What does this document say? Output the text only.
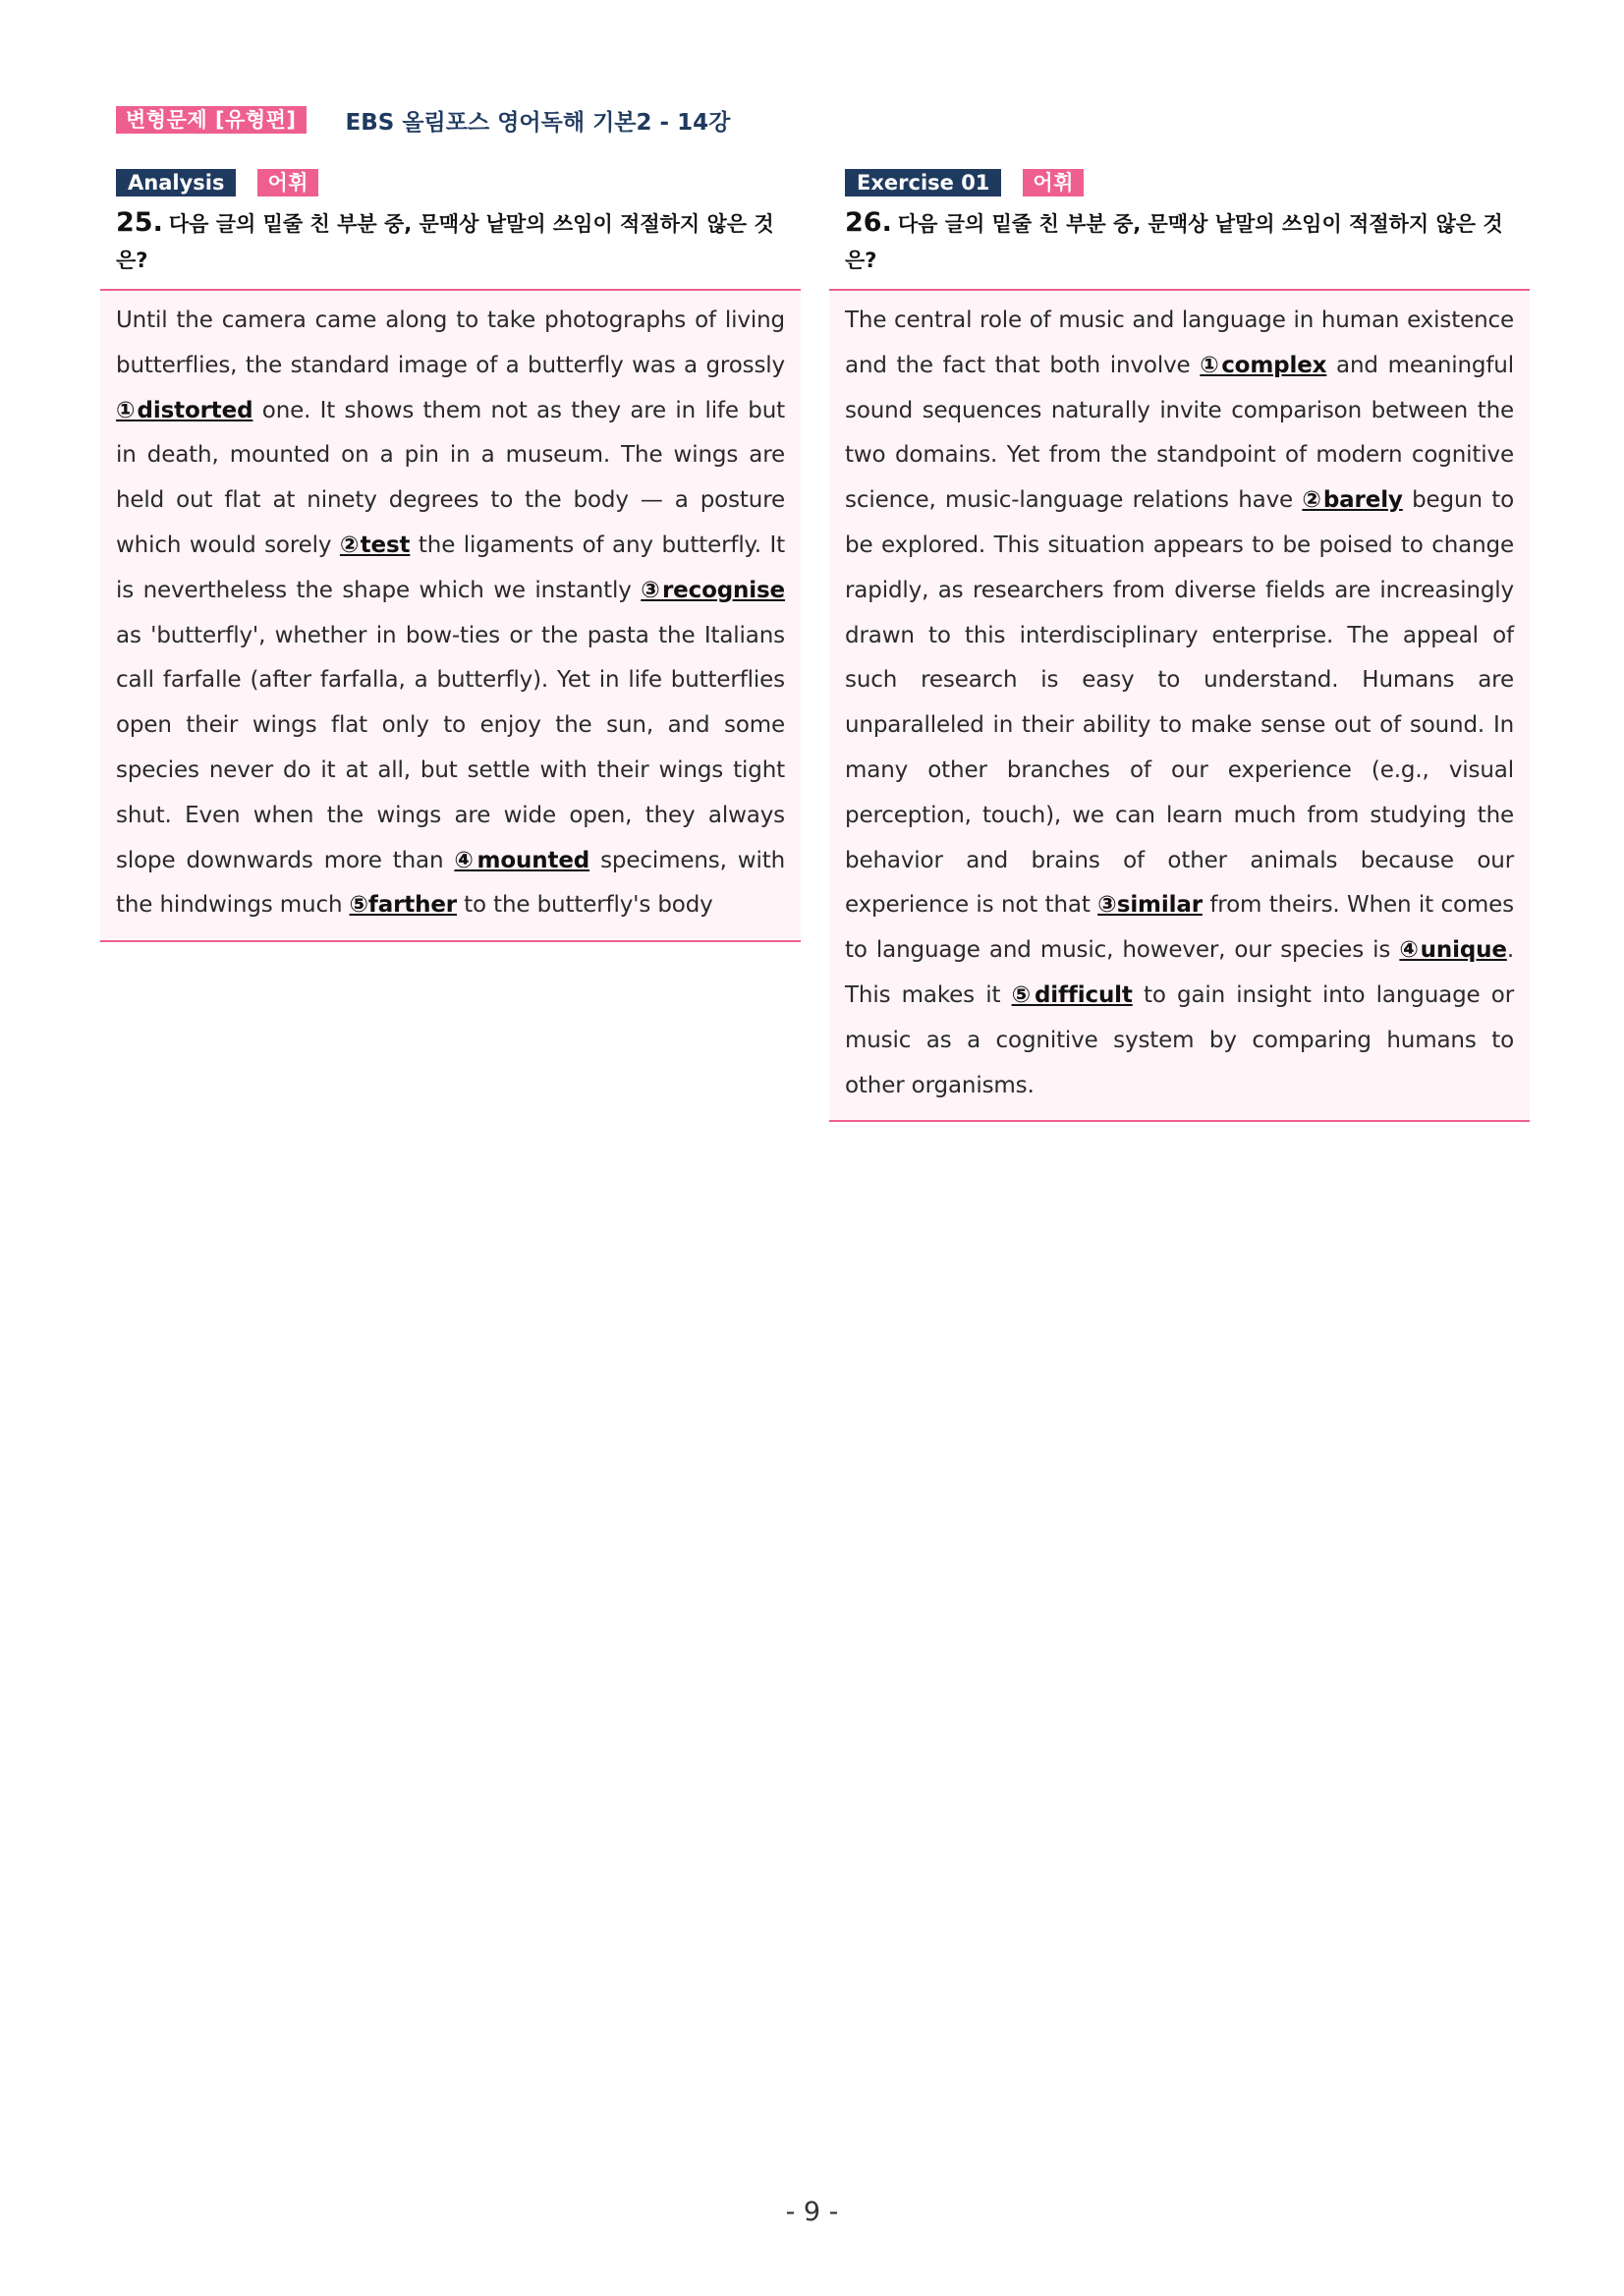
변형문제 [유형편]	EBS 올림포스 영어독해 기본2 - 14강
Analysis	어휘
25. 다음 글의 밑줄 친 부분 중, 문맥상 낱말의 쓰임이 적절하지 않은 것은?
Until the camera came along to take photographs of living butterflies, the standard image of a butterfly was a grossly ①distorted one. It shows them not as they are in life but in death, mounted on a pin in a museum. The wings are held out flat at ninety degrees to the body — a posture which would sorely ②test the ligaments of any butterfly. It is nevertheless the shape which we instantly ③recognise as 'butterfly', whether in bow-ties or the pasta the Italians call farfalle (after farfalla, a butterfly). Yet in life butterflies open their wings flat only to enjoy the sun, and some species never do it at all, but settle with their wings tight shut. Even when the wings are wide open, they always slope downwards more than ④mounted specimens, with the hindwings much ⑤farther to the butterfly's body
Exercise 01	어휘
26. 다음 글의 밑줄 친 부분 중, 문맥상 낱말의 쓰임이 적절하지 않은 것은?
The central role of music and language in human existence and the fact that both involve ①complex and meaningful sound sequences naturally invite comparison between the two domains. Yet from the standpoint of modern cognitive science, music-language relations have ②barely begun to be explored. This situation appears to be poised to change rapidly, as researchers from diverse fields are increasingly drawn to this interdisciplinary enterprise. The appeal of such research is easy to understand. Humans are unparalleled in their ability to make sense out of sound. In many other branches of our experience (e.g., visual perception, touch), we can learn much from studying the behavior and brains of other animals because our experience is not that ③similar from theirs. When it comes to language and music, however, our species is ④unique. This makes it ⑤difficult to gain insight into language or music as a cognitive system by comparing humans to other organisms.
- 9 -
